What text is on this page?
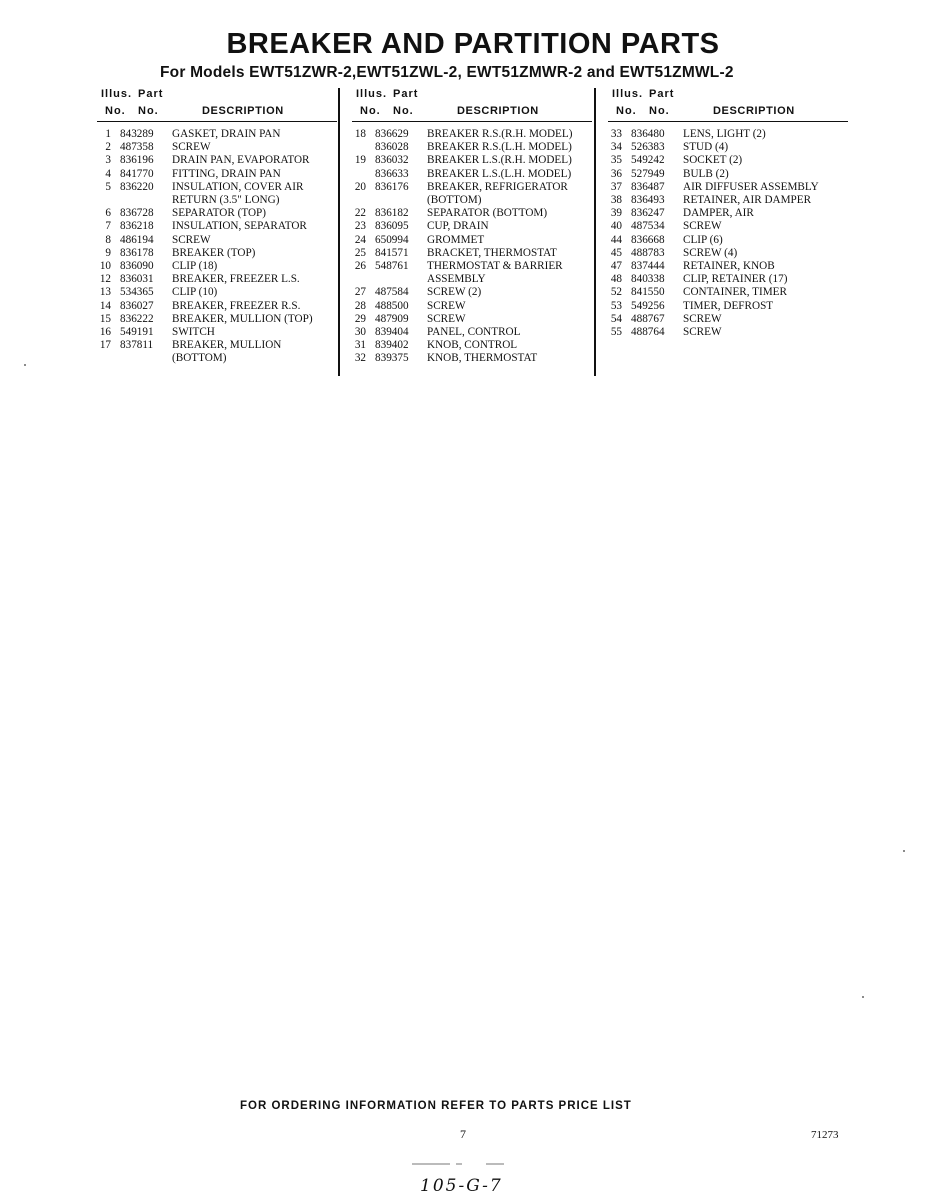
BREAKER AND PARTITION PARTS
For Models EWT51ZWR-2,EWT51ZWL-2, EWT51ZMWR-2 and EWT51ZMWL-2
Illus. Part
No. No.	DESCRIPTION
1 843289 GASKET, DRAIN PAN
2 487358 SCREW
3 836196 DRAIN PAN, EVAPORATOR
4 841770 FITTING, DRAIN PAN
5 836220 INSULATION, COVER AIR
RETURN (3.5" LONG)
6 836728 SEPARATOR (TOP)
7 836218 INSULATION, SEPARATOR
8 486194 SCREW
9 836178 BREAKER (TOP)
10 836090 CLIP (18)
12 836031 BREAKER, FREEZER L.S.
13 534365 CLIP (10)
14 836027 BREAKER, FREEZER R.S.
15 836222 BREAKER, MULLION (TOP)
16 549191 SWITCH
17 837811 BREAKER, MULLION
(BOTTOM)
Illus. Part
No. No.	DESCRIPTION
18 836629 BREAKER R.S.(R.H. MODEL)
836028 BREAKER R.S.(L.H. MODEL)
19 836032 BREAKER L.S.(R.H. MODEL)
836633 BREAKER L.S.(L.H. MODEL)
20 836176 BREAKER, REFRIGERATOR
(BOTTOM)
22 836182 SEPARATOR (BOTTOM)
23 836095 CUP, DRAIN
24 650994 GROMMET
25 841571 BRACKET, THERMOSTAT
26 548761 THERMOSTAT & BARRIER
ASSEMBLY
27 487584 SCREW (2)
28 488500 SCREW
29 487909 SCREW
30 839404 PANEL, CONTROL
31 839402 KNOB, CONTROL
32 839375 KNOB, THERMOSTAT
Illus. Part
No. No.	DESCRIPTION
33 836480 LENS, LIGHT (2)
34 526383 STUD (4)
35 549242 SOCKET (2)
36 527949 BULB (2)
37 836487 AIR DIFFUSER ASSEMBLY
38 836493 RETAINER, AIR DAMPER
39 836247 DAMPER, AIR
40 487534 SCREW
44 836668 CLIP (6)
45 488783 SCREW (4)
47 837444 RETAINER, KNOB
48 840338 CLIP, RETAINER (17)
52 841550 CONTAINER, TIMER
53 549256 TIMER, DEFROST
54 488767 SCREW
55 488764 SCREW
FOR ORDERING INFORMATION REFER TO PARTS PRICE LIST
7	71273
105-G-7
